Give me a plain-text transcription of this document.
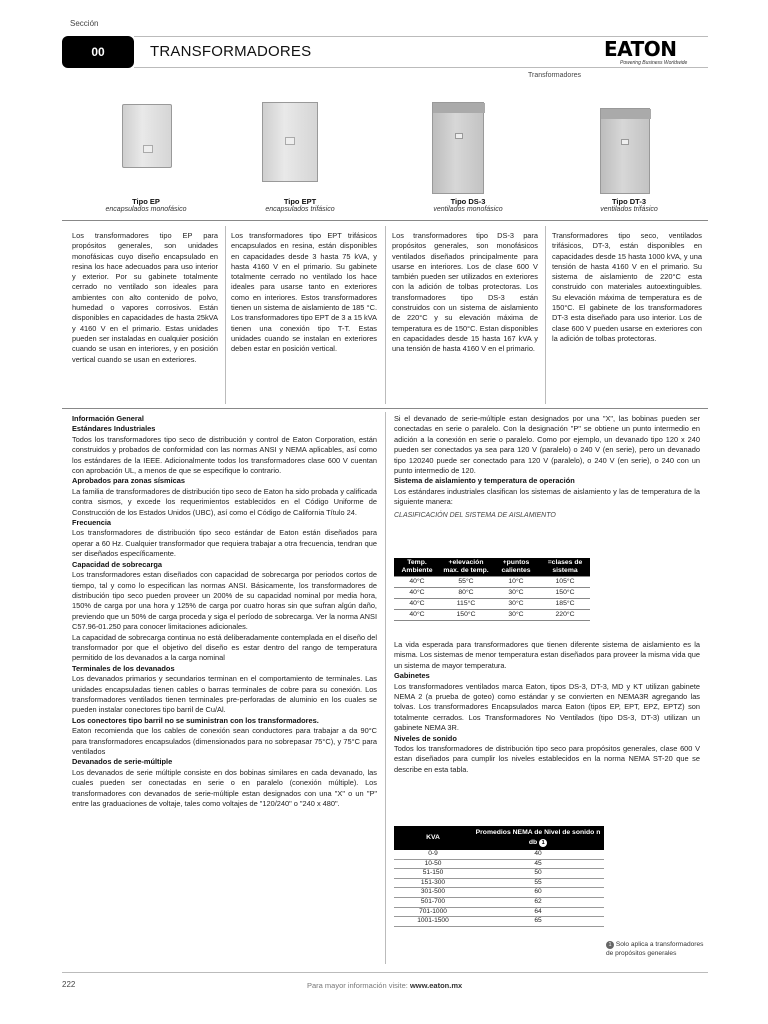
Sección
00	TRANSFORMADORES	EATON
Powering Business Worldwide
Transformadores
Tipo EP
encapsulados monofásico
Tipo EPT
encapsulados trifásico
Tipo DS-3
ventilados monofásico
Tipo DT-3
ventilados trifásico
Los transformadores tipo EP para propósitos generales, son unidades monofásicas cuyo diseño encapsulado en resina los hace adecuados para uso interior y exterior. Por su gabinete totalmente cerrado no ventilado son ideales para ambientes con alto contenido de polvo, humedad o vapores corrosivos. Están disponibles en capacidades de hasta 25kVA y 4160 V en el primario. Estas unidades pueden ser instaladas en cualquier posición cuando se usan en interiores, y en posición vertical cuando se usan en exteriores.
Los transformadores tipo EPT trifásicos encapsulados en resina, están disponibles en capacidades desde 3 hasta 75 kVA, y hasta 4160 V en el primario. Su gabinete totalmente cerrado no ventilado los hace ideales para usarse tanto en exteriores como en interiores. Estos transformadores tienen un sistema de aislamiento de 185 °C. Los transformadores tipo EPT de 3 a 15 kVA tienen una conexión tipo T-T. Estas unidades cuando se instalan en exteriores deben estar en posición vertical.
Los transformadores tipo DS-3 para propósitos generales, son monofásicos ventilados diseñados principalmente para usarse en interiores. Los de clase 600 V también pueden ser utilizados en exteriores con la adición de tolbas protectoras. Los transformadores tipo DS-3 están construidos con un sistema de aislamiento de 220°C y su elevación máxima de temperatura es de 150°C. Estan disponibles en capacidades desde 15 hasta 167 kVA y una tensión de hasta 4160 V en el primario.
Transformadores tipo seco, ventilados trifásicos, DT-3, están disponibles en capacidades desde 15 hasta 1000 kVA, y una tensión de hasta 4160 V en el primario. Su sistema de aislamiento de 220°C esta construido con materiales autoextinguibles. Su elevación máxima de temperatura es de 150°C. El gabinete de los transformadores DT-3 esta diseñado para uso interior. Los de clase 600 V pueden usarse en exteriores con la adición de tolbas protectoras.

Información General

Estándares Industriales

Todos los transformadores tipo seco de distribución y control de Eaton Corporation, están construidos y probados de conformidad con las normas ANSI y NEMA aplicables, así como los estándares de la IEEE. Adicionalmente todos los transformadores clase 600 V cuentan con aprobación UL, a menos de que se especifique lo contrario.

Aprobados para zonas sísmicas

La familia de transformadores de distribución tipo seco de Eaton ha sido probada y calificada contra sismos, y excede los requerimientos establecidos en el Código Uniforme de Construcción de los Estados Unidos (UBC), así como el Código de California Título 24.

Frecuencia

Los transformadores de distribución tipo seco estándar de Eaton están diseñados para operar a 60 Hz. Cualquier transformador que requiera trabajar a otra frecuencia, tendran que ser diseñados específicamente.

Capacidad de sobrecarga

Los transformadores estan diseñados con capacidad de sobrecarga por periodos cortos de tiempo, tal y como lo especifican las normas ANSI. Básicamente, los transformadores de distribución tipo seco pueden proveer un 200% de su capacidad nominal por media hora, 150% de carga por una hora y 125% de carga por cuatro horas sin que sufran algún daño, previendo que un 50% de carga proceda y siga el período de sobrecarga. Ver la norma ANSI C57.96-01.250 para conocer limitaciones adicionales.

La capacidad de sobrecarga continua no está deliberadamente contemplada en el diseño del transformador por que el objetivo del diseño es estar dentro del rango de temperatura permitido de los devanados a la carga nominal

Terminales de los devanados

Los devanados primarios y secundarios terminan en el comportamiento de terminales. Las unidades encapsuladas tienen cables o barras terminales de cobre para su conexión. Los transformadores ventilados tienen terminales pre-perforadas de aluminio en los cuales se pueden instalar conectores tipo barril de Cu/Al.

Los conectores tipo barril no se suministran con los transformadores.

Eaton recomienda que los cables de conexión sean conductores para trabajar a da 90°C para transformadores encapsulados (dimensionados para no sobrepasar 75°C), y 75°C para ventilados

Devanados de serie-múltiple

Los devanados de serie múltiple consiste en dos bobinas similares en cada devanado, las cuales pueden ser conectadas en serie o en paralelo (conexión múltiple). Los transformadores con devanados de serie-múltiple estan designados con una "X" o un "P" entre las graduaciones de voltaje, tales como voltajes de "120/240" o "240 x 480".

Si el devanado de serie-múltiple estan designados por una "X", las bobinas pueden ser conectadas en serie o paralelo. Con la designación "P" se obtiene un punto intermedio en adición a la conexión en serie o paralelo. Como por ejemplo, un devanado tipo 120 x 240 pueden ser conectados ya sea para 120 V (paralelo) o 240 V (en serie), pero un devanado tipo 120240 puede ser conectado para 120 V (paralelo), o 240 V (en serie), o 240 con un punto intermedio de 120.

Sistema de aislamiento y temperatura de operación

Los estándares industriales clasifican los sistemas de aislamiento y las de temperatura de la siguiente manera:

CLASIFICACIÓN DEL SISTEMA DE AISLAMIENTO

Temp. Ambiente	+elevación max. de temp.	+puntos calientes	=clases de sistema
40°C	55°C	10°C	105°C
40°C	80°C	30°C	150°C
40°C	115°C	30°C	185°C
40°C	150°C	30°C	220°C

La vida esperada para transformadores que tienen diferente sistema de aislamiento es la misma. Los sistemas de menor temperatura estan diseñados para proveer la misma vida que un sistema de mayor temperatura.

Gabinetes

Los transformadores ventilados marca Eaton, tipos DS-3, DT-3, MD y KT utilizan gabinete NEMA 2 (a prueba de goteo) como estándar y se convierten en NEMA3R agregando las tolvas. Los transformadores Encapsulados marca Eaton (tipos EP, EPT, EPZ, EPTZ) son totalmente cerrados. Los Transformadores No Ventilados (tipo DS-3, DT-3) utilizan un gabinete NEMA 3R.

Niveles de sonido

Todos los transformadores de distribución tipo seco para propósitos generales, clase 600 V estan diseñados para cumplir los niveles establecidos en la norma NEMA ST-20 que se describe en esta tabla.

KVA	Promedios NEMA de Nivel de sonido n db 1
0-9	40
10-50	45
51-150	50
151-300	55
301-500	60
501-700	62
701-1000	64
1001-1500	65
1 Solo aplica a transformadores de propósitos generales
222	Para mayor información visite: www.eaton.mx
